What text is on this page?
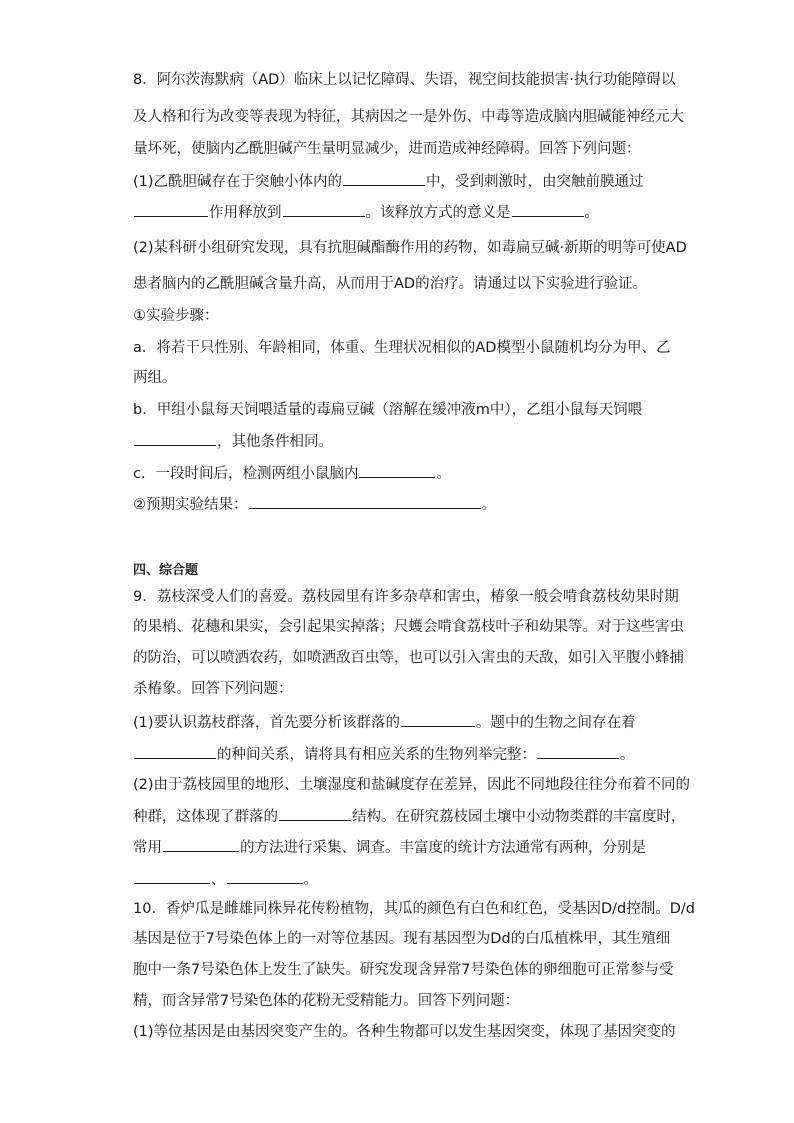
8．阿尔茨海默病（AD）临床上以记忆障碍、失语，视空间技能损害·执行功能障碍以
及人格和行为改变等表现为特征，其病因之一是外伤、中毒等造成脑内胆碱能神经元大
量坏死，使脑内乙酰胆碱产生量明显减少，进而造成神经障碍。回答下列问题：
(1)乙酰胆碱存在于突触小体内的	中，受到刺激时，由突触前膜通过
作用释放到	。该释放方式的意义是	。
(2)某科研小组研究发现，具有抗胆碱酯酶作用的药物，如毒扁豆碱·新斯的明等可使AD
患者脑内的乙酰胆碱含量升高，从而用于AD的治疗。请通过以下实验进行验证。
①实验步骤：
a．将若干只性别、年龄相同，体重、生理状况相似的AD模型小鼠随机均分为甲、乙
两组。
b．甲组小鼠每天饲喂适量的毒扁豆碱（溶解在缓冲液m中），乙组小鼠每天饲喂
，其他条件相同。
c．一段时间后，检测两组小鼠脑内	。
②预期实验结果：	。
四、综合题
9．荔枝深受人们的喜爱。荔枝园里有许多杂草和害虫，椿象一般会啃食荔枝幼果时期
的果梢、花穗和果实，会引起果实掉落；尺蠖会啃食荔枝叶子和幼果等。对于这些害虫
的防治，可以喷洒农药，如喷洒敌百虫等，也可以引入害虫的天敌，如引入平腹小蜂捕
杀椿象。回答下列问题：
(1)要认识荔枝群落，首先要分析该群落的	。题中的生物之间存在着
的种间关系，请将具有相应关系的生物列举完整：	。
(2)由于荔枝园里的地形、土壤湿度和盐碱度存在差异，因此不同地段往往分布着不同的
种群，这体现了群落的	结构。在研究荔枝园土壤中小动物类群的丰富度时，
常用	的方法进行采集、调查。丰富度的统计方法通常有两种，分别是
、	。
10．香炉瓜是雌雄同株异花传粉植物，其瓜的颜色有白色和红色，受基因D/d控制。D/d
基因是位于7号染色体上的一对等位基因。现有基因型为Dd的白瓜植株甲，其生殖细
胞中一条7号染色体上发生了缺失。研究发现含异常7号染色体的卵细胞可正常参与受
精，而含异常7号染色体的花粉无受精能力。回答下列问题：
(1)等位基因是由基因突变产生的。各种生物都可以发生基因突变，体现了基因突变的
